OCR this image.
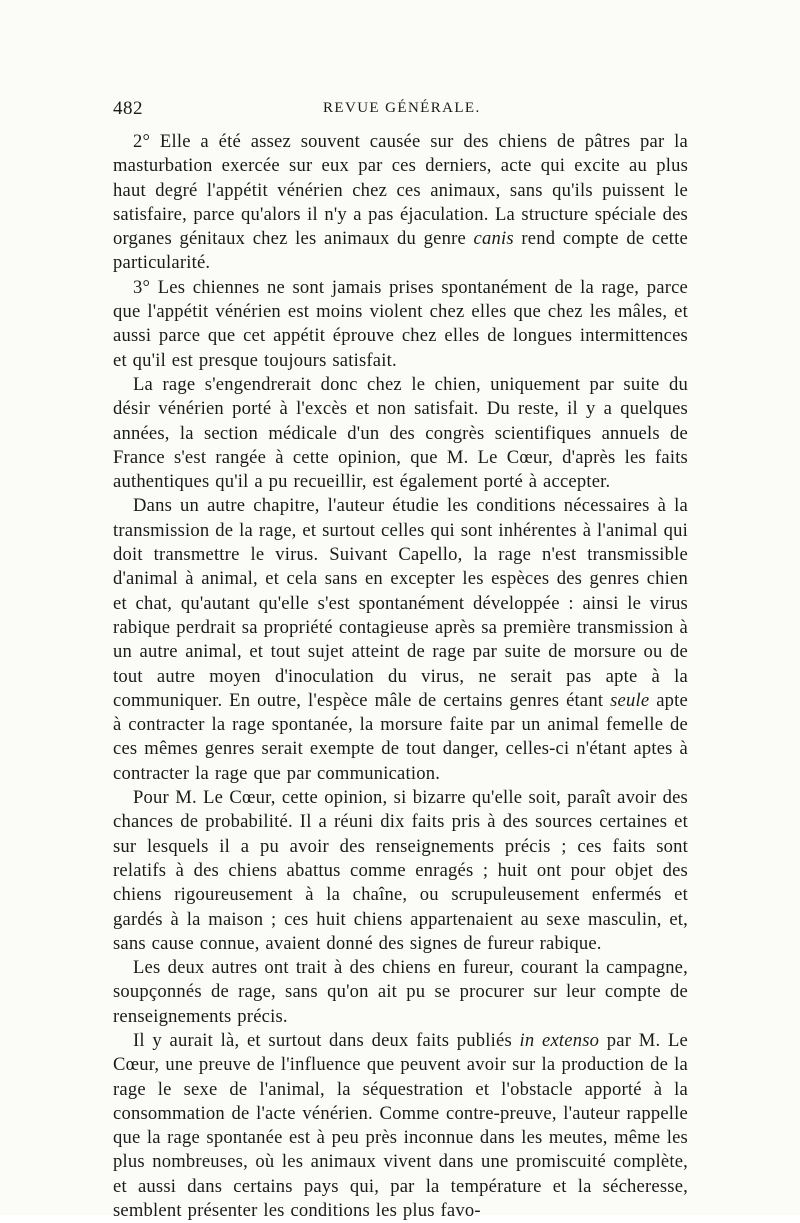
482	REVUE GÉNÉRALE.

2° Elle a été assez souvent causée sur des chiens de pâtres par la masturbation exercée sur eux par ces derniers, acte qui excite au plus haut degré l'appétit vénérien chez ces animaux, sans qu'ils puissent le satisfaire, parce qu'alors il n'y a pas éjaculation. La structure spéciale des organes génitaux chez les animaux du genre canis rend compte de cette particularité.

3° Les chiennes ne sont jamais prises spontanément de la rage, parce que l'appétit vénérien est moins violent chez elles que chez les mâles, et aussi parce que cet appétit éprouve chez elles de longues intermittences et qu'il est presque toujours satisfait.

La rage s'engendrerait donc chez le chien, uniquement par suite du désir vénérien porté à l'excès et non satisfait. Du reste, il y a quelques années, la section médicale d'un des congrès scientifiques annuels de France s'est rangée à cette opinion, que M. Le Cœur, d'après les faits authentiques qu'il a pu recueillir, est également porté à accepter.

Dans un autre chapitre, l'auteur étudie les conditions nécessaires à la transmission de la rage, et surtout celles qui sont inhérentes à l'animal qui doit transmettre le virus. Suivant Capello, la rage n'est transmissible d'animal à animal, et cela sans en excepter les espèces des genres chien et chat, qu'autant qu'elle s'est spontanément développée : ainsi le virus rabique perdrait sa propriété contagieuse après sa première transmission à un autre animal, et tout sujet atteint de rage par suite de morsure ou de tout autre moyen d'inoculation du virus, ne serait pas apte à la communiquer. En outre, l'espèce mâle de certains genres étant seule apte à contracter la rage spontanée, la morsure faite par un animal femelle de ces mêmes genres serait exempte de tout danger, celles-ci n'étant aptes à contracter la rage que par communication.

Pour M. Le Cœur, cette opinion, si bizarre qu'elle soit, paraît avoir des chances de probabilité. Il a réuni dix faits pris à des sources certaines et sur lesquels il a pu avoir des renseignements précis ; ces faits sont relatifs à des chiens abattus comme enragés ; huit ont pour objet des chiens rigoureusement à la chaîne, ou scrupuleusement enfermés et gardés à la maison ; ces huit chiens appartenaient au sexe masculin, et, sans cause connue, avaient donné des signes de fureur rabique.

Les deux autres ont trait à des chiens en fureur, courant la campagne, soupçonnés de rage, sans qu'on ait pu se procurer sur leur compte de renseignements précis.

Il y aurait là, et surtout dans deux faits publiés in extenso par M. Le Cœur, une preuve de l'influence que peuvent avoir sur la production de la rage le sexe de l'animal, la séquestration et l'obstacle apporté à la consommation de l'acte vénérien. Comme contre-preuve, l'auteur rappelle que la rage spontanée est à peu près inconnue dans les meutes, même les plus nombreuses, où les animaux vivent dans une promiscuité complète, et aussi dans certains pays qui, par la température et la sécheresse, semblent présenter les conditions les plus favo-
